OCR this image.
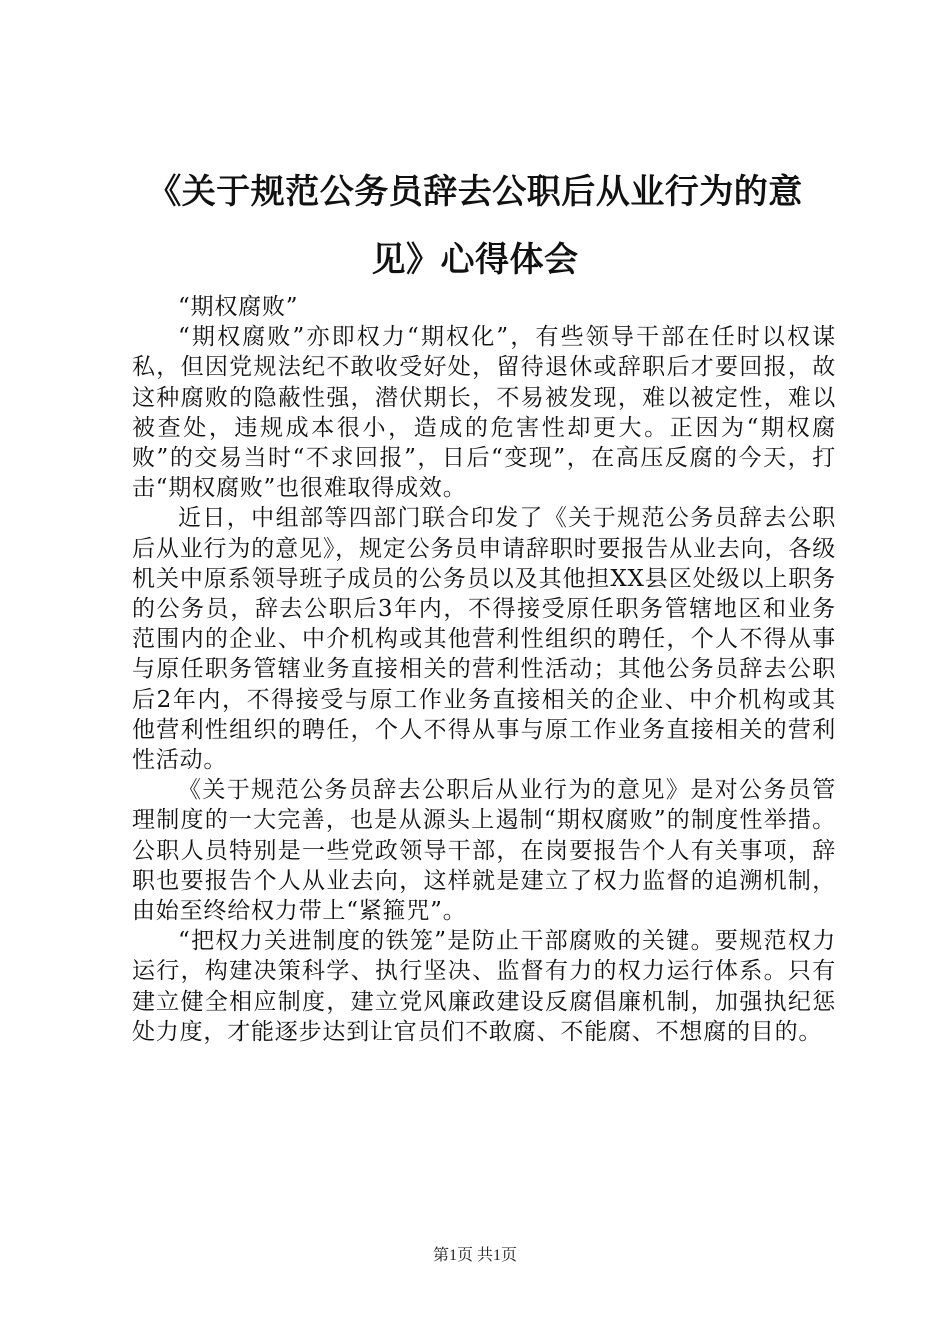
《关于规范公务员辞去公职后从业行为的意
见》心得体会

“期权腐败”

“期权腐败”亦即权力“期权化”，有些领导干部在任时以权谋私，但因党规法纪不敢收受好处，留待退休或辞职后才要回报，故这种腐败的隐蔽性强，潜伏期长，不易被发现，难以被定性，难以被查处，违规成本很小，造成的危害性却更大。正因为“期权腐败”的交易当时“不求回报”，日后“变现”，在高压反腐的今天，打击“期权腐败”也很难取得成效。

近日，中组部等四部门联合印发了《关于规范公务员辞去公职后从业行为的意见》，规定公务员申请辞职时要报告从业去向，各级机关中原系领导班子成员的公务员以及其他担XX县区处级以上职务的公务员，辞去公职后3年内，不得接受原任职务管辖地区和业务范围内的企业、中介机构或其他营利性组织的聘任，个人不得从事与原任职务管辖业务直接相关的营利性活动；其他公务员辞去公职后2年内，不得接受与原工作业务直接相关的企业、中介机构或其他营利性组织的聘任，个人不得从事与原工作业务直接相关的营利性活动。

《关于规范公务员辞去公职后从业行为的意见》是对公务员管理制度的一大完善，也是从源头上遏制“期权腐败”的制度性举措。公职人员特别是一些党政领导干部，在岗要报告个人有关事项，辞职也要报告个人从业去向，这样就是建立了权力监督的追溯机制，由始至终给权力带上“紧箍咒”。

“把权力关进制度的铁笼”是防止干部腐败的关键。要规范权力运行，构建决策科学、执行坚决、监督有力的权力运行体系。只有建立健全相应制度，建立党风廉政建设反腐倡廉机制，加强执纪惩处力度，才能逐步达到让官员们不敢腐、不能腐、不想腐的目的。

第1页 共1页
